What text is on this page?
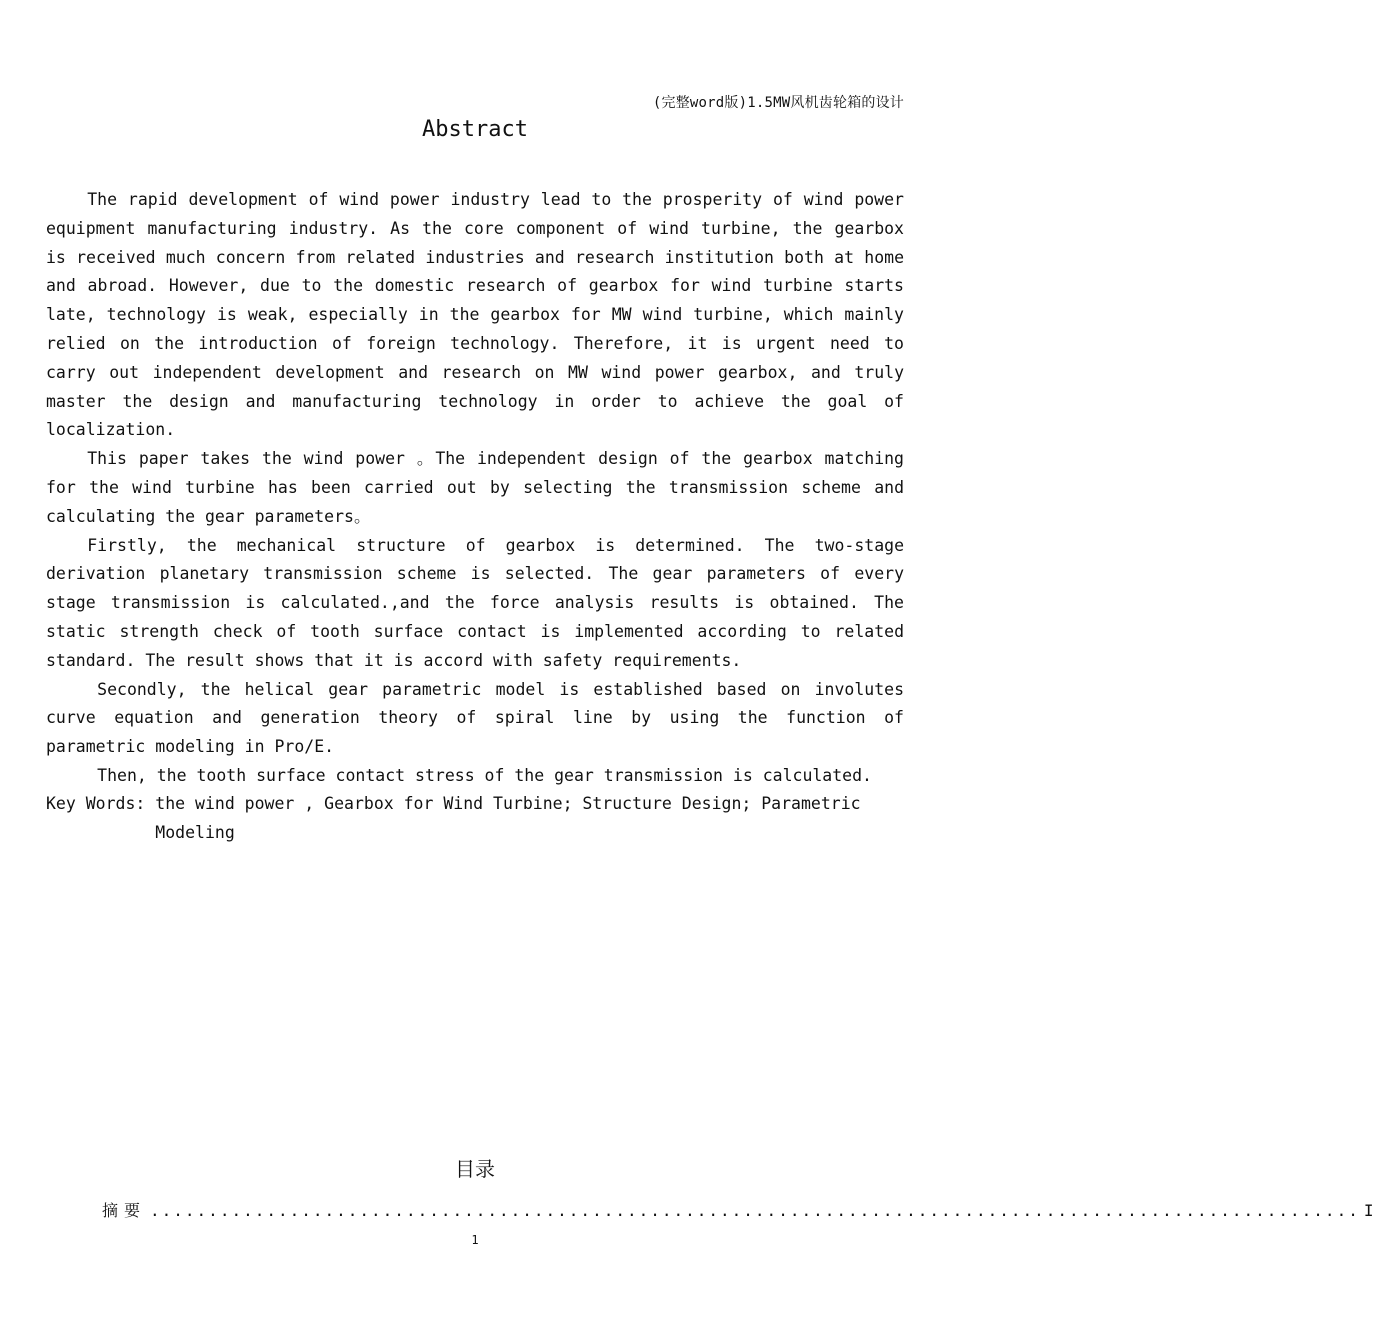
(完整word版)1.5MW风机齿轮箱的设计
Abstract

The rapid development of wind power industry lead to the prosperity of wind power equipment manufacturing industry. As the core component of wind turbine, the gearbox is received much concern from related industries and research institution both at home and abroad. However, due to the domestic research of gearbox for wind turbine starts late, technology is weak, especially in the gearbox for MW wind turbine, which mainly relied on the introduction of foreign technology. Therefore, it is urgent need to carry out independent development and research on MW wind power gearbox, and truly master the design and manufacturing technology in order to achieve the goal of localization.

This paper takes the wind power 。The independent design of the gearbox matching for the wind turbine has been carried out by selecting the transmission scheme and calculating the gear parameters。

Firstly, the mechanical structure of gearbox is determined. The two-stage derivation planetary transmission scheme is selected. The gear parameters of every stage transmission is calculated.,and the force analysis results is obtained. The static strength check of tooth surface contact is implemented according to related standard. The result shows that it is accord with safety requirements.

Secondly, the helical gear parametric model is established based on involutes curve equation and generation theory of spiral line by using the function of parametric modeling in Pro/E.

Then, the tooth surface contact stress of the gear transmission is calculated.

Key Words: the wind power , Gearbox for Wind Turbine; Structure Design; Parametric
Modeling
目录
摘要 ........................................................................................................ I
1
